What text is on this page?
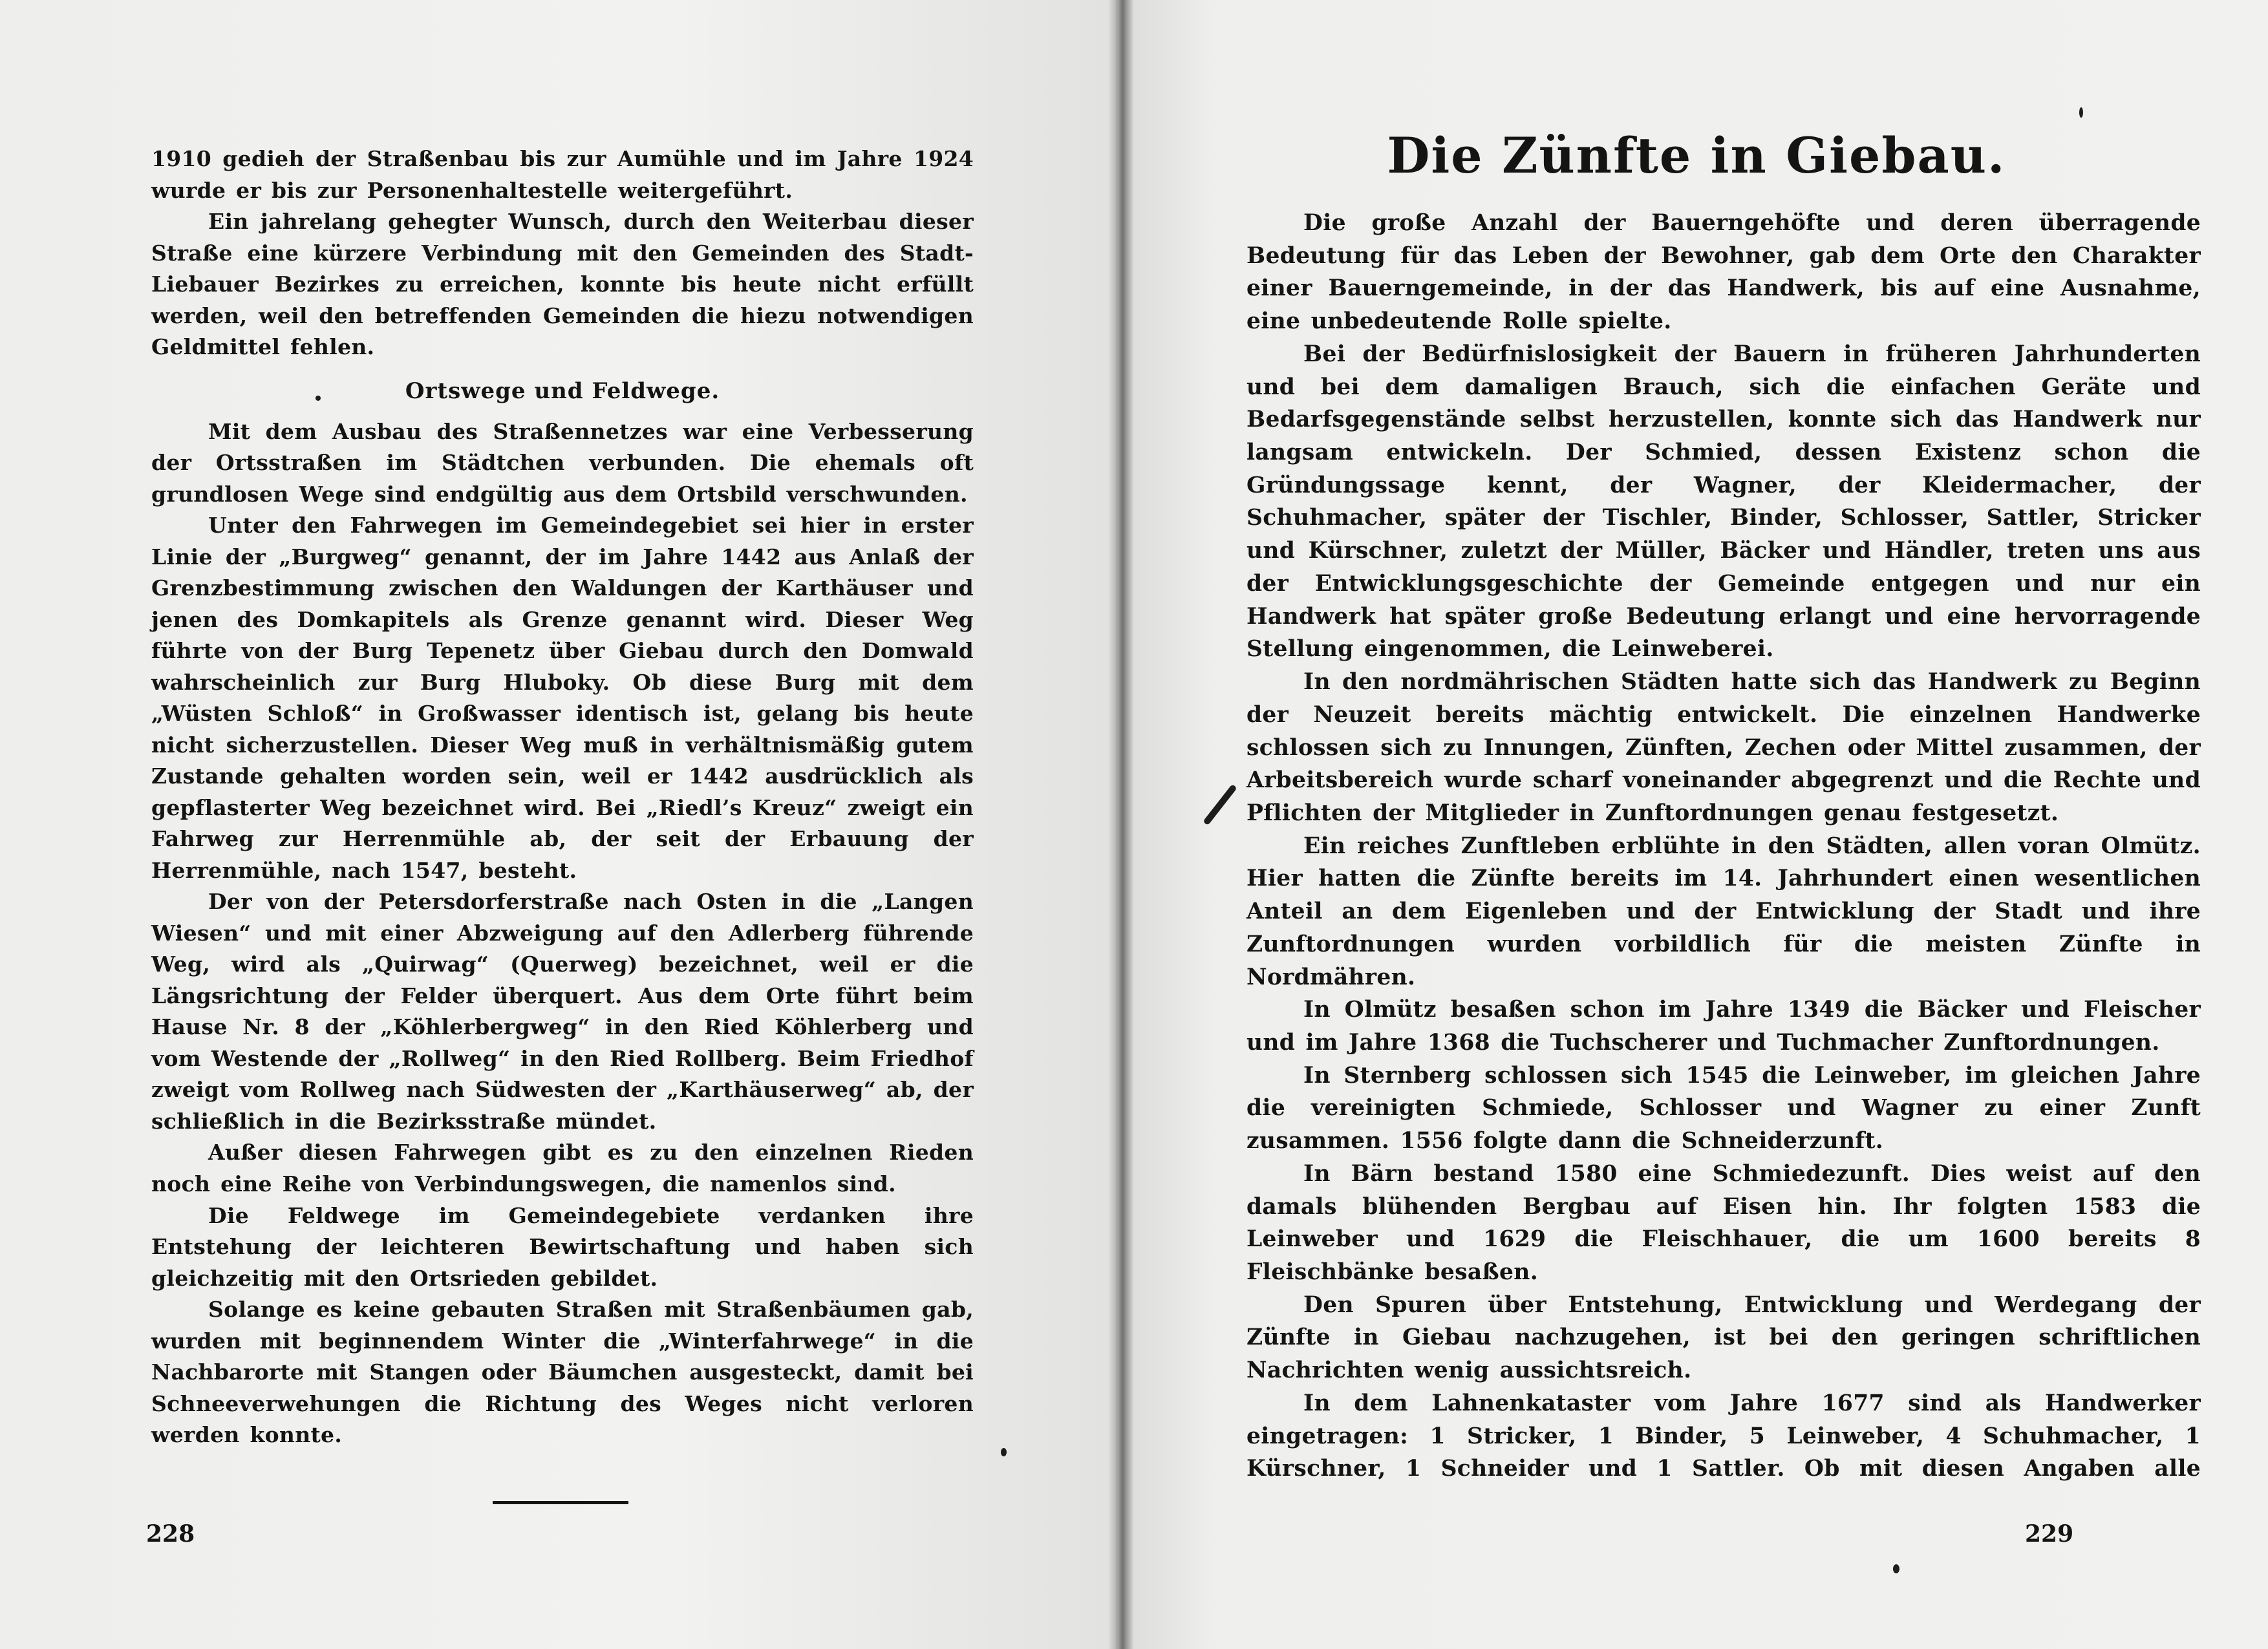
1910 gedieh der Straßenbau bis zur Aumühle und im Jahre 1924 wurde er bis zur Personenhaltestelle weitergeführt.

Ein jahrelang gehegter Wunsch, durch den Weiterbau dieser Straße eine kürzere Verbindung mit den Gemeinden des Stadt-Liebauer Bezirkes zu erreichen, konnte bis heute nicht erfüllt werden, weil den betreffenden Gemeinden die hiezu notwendigen Geldmittel fehlen.

Ortswege und Feldwege.

Mit dem Ausbau des Straßennetzes war eine Verbesserung der Ortsstraßen im Städtchen verbunden. Die ehemals oft grundlosen Wege sind endgültig aus dem Ortsbild verschwunden.

Unter den Fahrwegen im Gemeindegebiet sei hier in erster Linie der „Burgweg“ genannt, der im Jahre 1442 aus Anlaß der Grenzbestimmung zwischen den Waldungen der Karthäuser und jenen des Domkapitels als Grenze genannt wird. Dieser Weg führte von der Burg Tepenetz über Giebau durch den Domwald wahrscheinlich zur Burg Hluboky. Ob diese Burg mit dem „Wüsten Schloß“ in Großwasser identisch ist, gelang bis heute nicht sicherzustellen. Dieser Weg muß in verhältnismäßig gutem Zustande gehalten worden sein, weil er 1442 ausdrücklich als gepflasterter Weg bezeichnet wird. Bei „Riedl’s Kreuz“ zweigt ein Fahrweg zur Herrenmühle ab, der seit der Erbauung der Herrenmühle, nach 1547, besteht.

Der von der Petersdorferstraße nach Osten in die „Langen Wiesen“ und mit einer Abzweigung auf den Adlerberg führende Weg, wird als „Quirwag“ (Querweg) bezeichnet, weil er die Längsrichtung der Felder überquert. Aus dem Orte führt beim Hause Nr. 8 der „Köhlerbergweg“ in den Ried Köhlerberg und vom Westende der „Rollweg“ in den Ried Rollberg. Beim Friedhof zweigt vom Rollweg nach Südwesten der „Karthäuserweg“ ab, der schließlich in die Bezirksstraße mündet.

Außer diesen Fahrwegen gibt es zu den einzelnen Rieden noch eine Reihe von Verbindungswegen, die namenlos sind.

Die Feldwege im Gemeindegebiete verdanken ihre Entstehung der leichteren Bewirtschaftung und haben sich gleichzeitig mit den Ortsrieden gebildet.

Solange es keine gebauten Straßen mit Straßenbäumen gab, wurden mit beginnendem Winter die „Winterfahrwege“ in die Nachbarorte mit Stangen oder Bäumchen ausgesteckt, damit bei Schneeverwehungen die Richtung des Weges nicht verloren werden konnte.

228
Die Zünfte in Giebau.

Die große Anzahl der Bauerngehöfte und deren überragende Bedeutung für das Leben der Bewohner, gab dem Orte den Charakter einer Bauerngemeinde, in der das Handwerk, bis auf eine Ausnahme, eine unbedeutende Rolle spielte.

Bei der Bedürfnislosigkeit der Bauern in früheren Jahrhunderten und bei dem damaligen Brauch, sich die einfachen Geräte und Bedarfsgegenstände selbst herzustellen, konnte sich das Handwerk nur langsam entwickeln. Der Schmied, dessen Existenz schon die Gründungssage kennt, der Wagner, der Kleidermacher, der Schuhmacher, später der Tischler, Binder, Schlosser, Sattler, Stricker und Kürschner, zuletzt der Müller, Bäcker und Händler, treten uns aus der Entwicklungsgeschichte der Gemeinde entgegen und nur ein Handwerk hat später große Bedeutung erlangt und eine hervorragende Stellung eingenommen, die Leinweberei.

In den nordmährischen Städten hatte sich das Handwerk zu Beginn der Neuzeit bereits mächtig entwickelt. Die einzelnen Handwerke schlossen sich zu Innungen, Zünften, Zechen oder Mittel zusammen, der Arbeitsbereich wurde scharf voneinander abgegrenzt und die Rechte und Pflichten der Mitglieder in Zunftordnungen genau festgesetzt.

Ein reiches Zunftleben erblühte in den Städten, allen voran Olmütz. Hier hatten die Zünfte bereits im 14. Jahrhundert einen wesentlichen Anteil an dem Eigenleben und der Entwicklung der Stadt und ihre Zunftordnungen wurden vorbildlich für die meisten Zünfte in Nordmähren.

In Olmütz besaßen schon im Jahre 1349 die Bäcker und Fleischer und im Jahre 1368 die Tuchscherer und Tuchmacher Zunftordnungen.

In Sternberg schlossen sich 1545 die Leinweber, im gleichen Jahre die vereinigten Schmiede, Schlosser und Wagner zu einer Zunft zusammen. 1556 folgte dann die Schneiderzunft.

In Bärn bestand 1580 eine Schmiedezunft. Dies weist auf den damals blühenden Bergbau auf Eisen hin. Ihr folgten 1583 die Leinweber und 1629 die Fleischhauer, die um 1600 bereits 8 Fleischbänke besaßen.

Den Spuren über Entstehung, Entwicklung und Werdegang der Zünfte in Giebau nachzugehen, ist bei den geringen schriftlichen Nachrichten wenig aussichtsreich.

In dem Lahnenkataster vom Jahre 1677 sind als Handwerker eingetragen: 1 Stricker, 1 Binder, 5 Leinweber, 4 Schuhmacher, 1 Kürschner, 1 Schneider und 1 Sattler. Ob mit diesen Angaben alle

229
